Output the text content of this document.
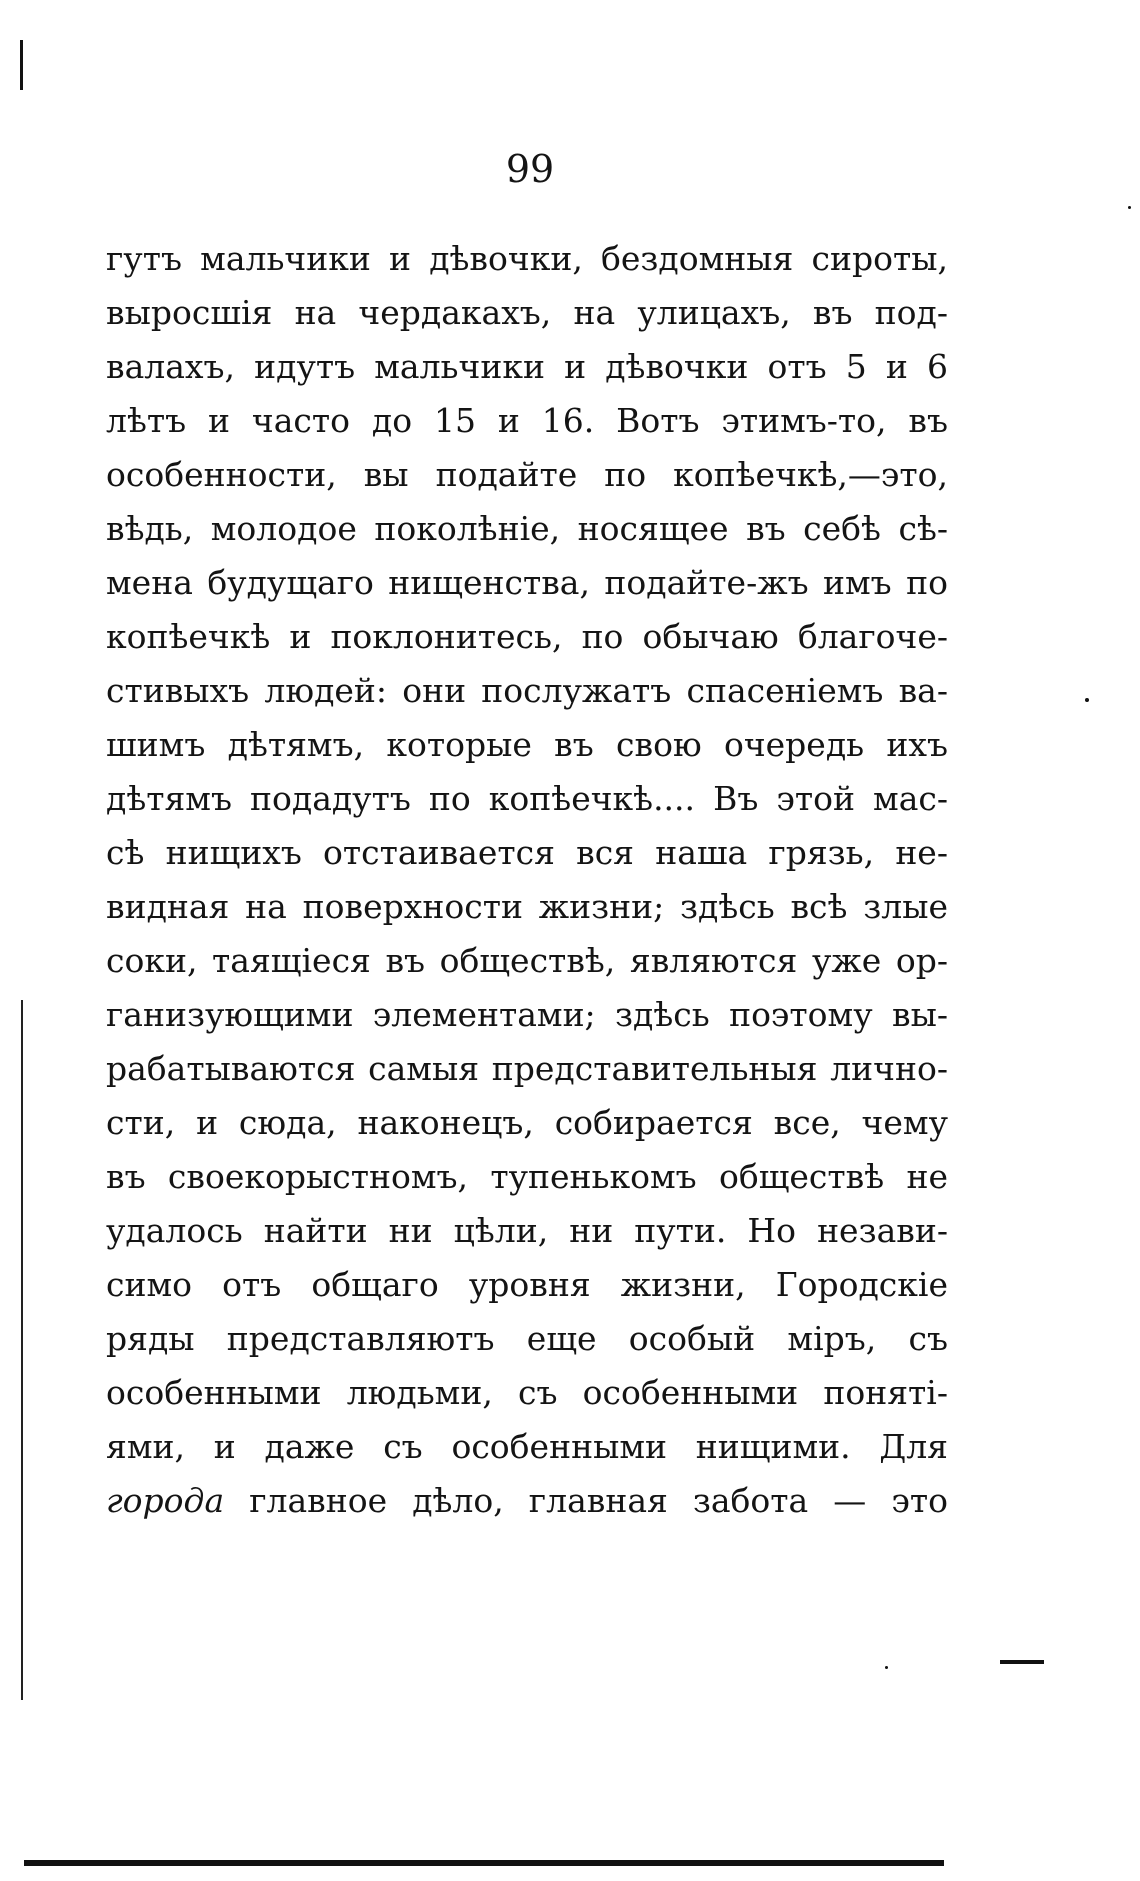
99
гутъ мальчики и дѣвочки, бездомныя сироты,
выросшія на чердакахъ, на улицахъ, въ под-
валахъ, идутъ мальчики и дѣвочки отъ 5 и 6
лѣтъ и часто до 15 и 16. Вотъ этимъ-то, въ
особенности, вы подайте по копѣечкѣ,—это,
вѣдь, молодое поколѣніе, носящее въ себѣ сѣ-
мена будущаго нищенства, подайте-жъ имъ по
копѣечкѣ и поклонитесь, по обычаю благоче-
стивыхъ людей: они послужатъ спасеніемъ ва-
шимъ дѣтямъ, которые въ свою очередь ихъ
дѣтямъ подадутъ по копѣечкѣ.... Въ этой мас-
сѣ нищихъ отстаивается вся наша грязь, не-
видная на поверхности жизни; здѣсь всѣ злые
соки, таящіеся въ обществѣ, являются уже ор-
ганизующими элементами; здѣсь поэтому вы-
рабатываются самыя представительныя лично-
сти, и сюда, наконецъ, собирается все, чему
въ своекорыстномъ, тупенькомъ обществѣ не
удалось найти ни цѣли, ни пути. Но незави-
симо отъ общаго уровня жизни, Городскіе
ряды представляютъ еще особый міръ, съ
особенными людьми, съ особенными понятi-
ями, и даже съ особенными нищими. Для
города главное дѣло, главная забота — это
